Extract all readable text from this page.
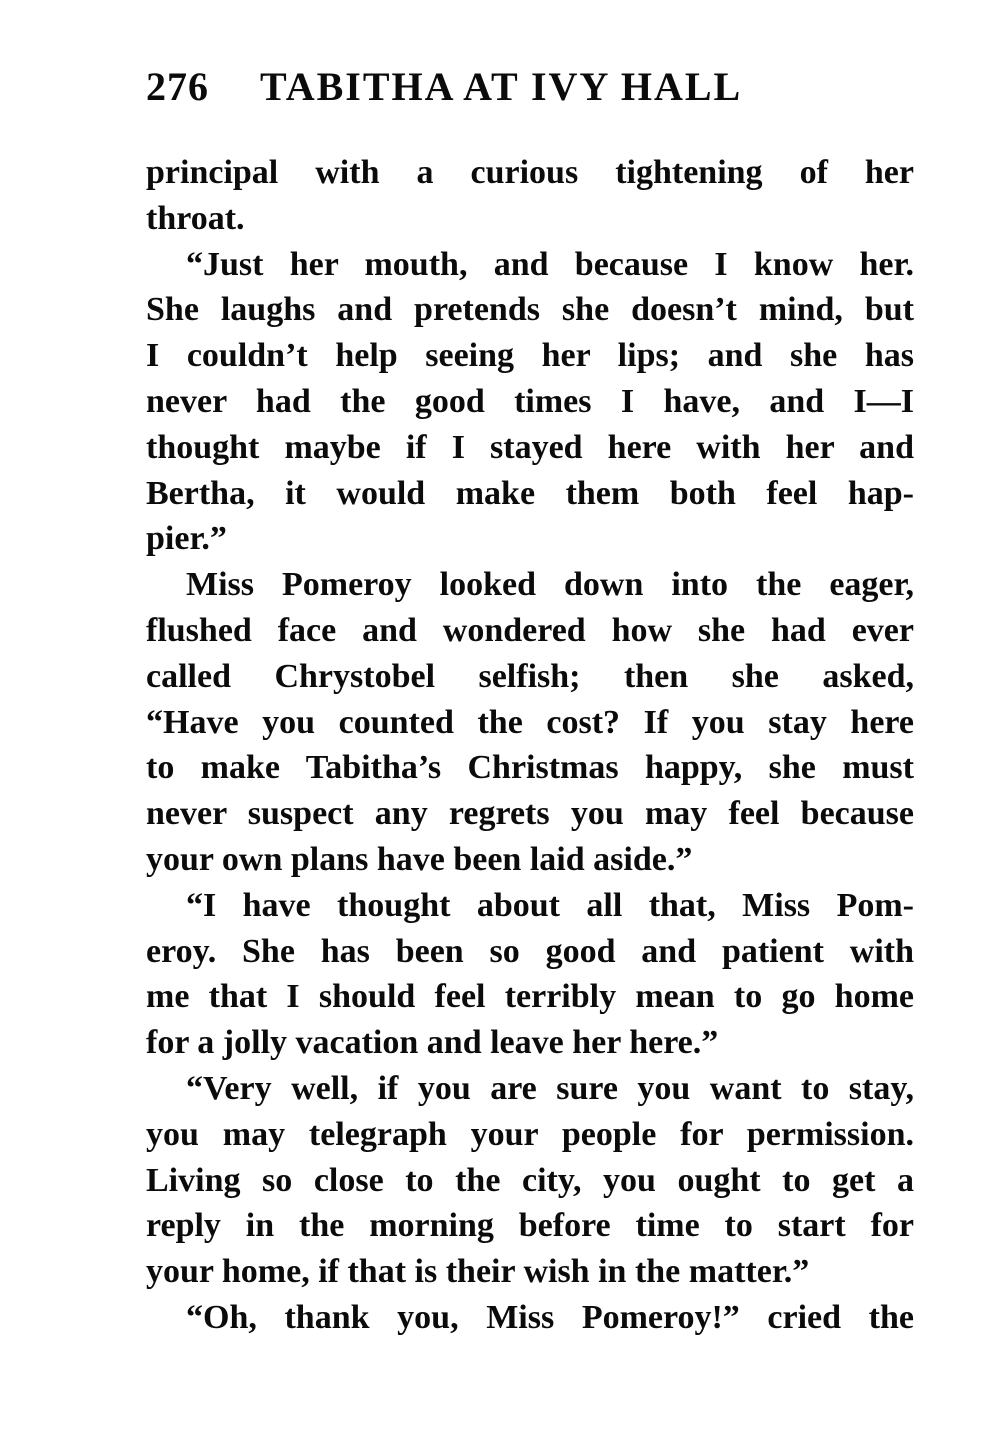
276 TABITHA AT IVY HALL
principal with a curious tightening of her
throat.
“Just her mouth, and because I know her.
She laughs and pretends she doesn’t mind, but
I couldn’t help seeing her lips; and she has
never had the good times I have, and I—I
thought maybe if I stayed here with her and
Bertha, it would make them both feel hap-
pier.”
Miss Pomeroy looked down into the eager,
flushed face and wondered how she had ever
called Chrystobel selfish; then she asked,
“Have you counted the cost? If you stay here
to make Tabitha’s Christmas happy, she must
never suspect any regrets you may feel because
your own plans have been laid aside.”
“I have thought about all that, Miss Pom-
eroy. She has been so good and patient with
me that I should feel terribly mean to go home
for a jolly vacation and leave her here.”
“Very well, if you are sure you want to stay,
you may telegraph your people for permission.
Living so close to the city, you ought to get a
reply in the morning before time to start for
your home, if that is their wish in the matter.”
“Oh, thank you, Miss Pomeroy!” cried the
